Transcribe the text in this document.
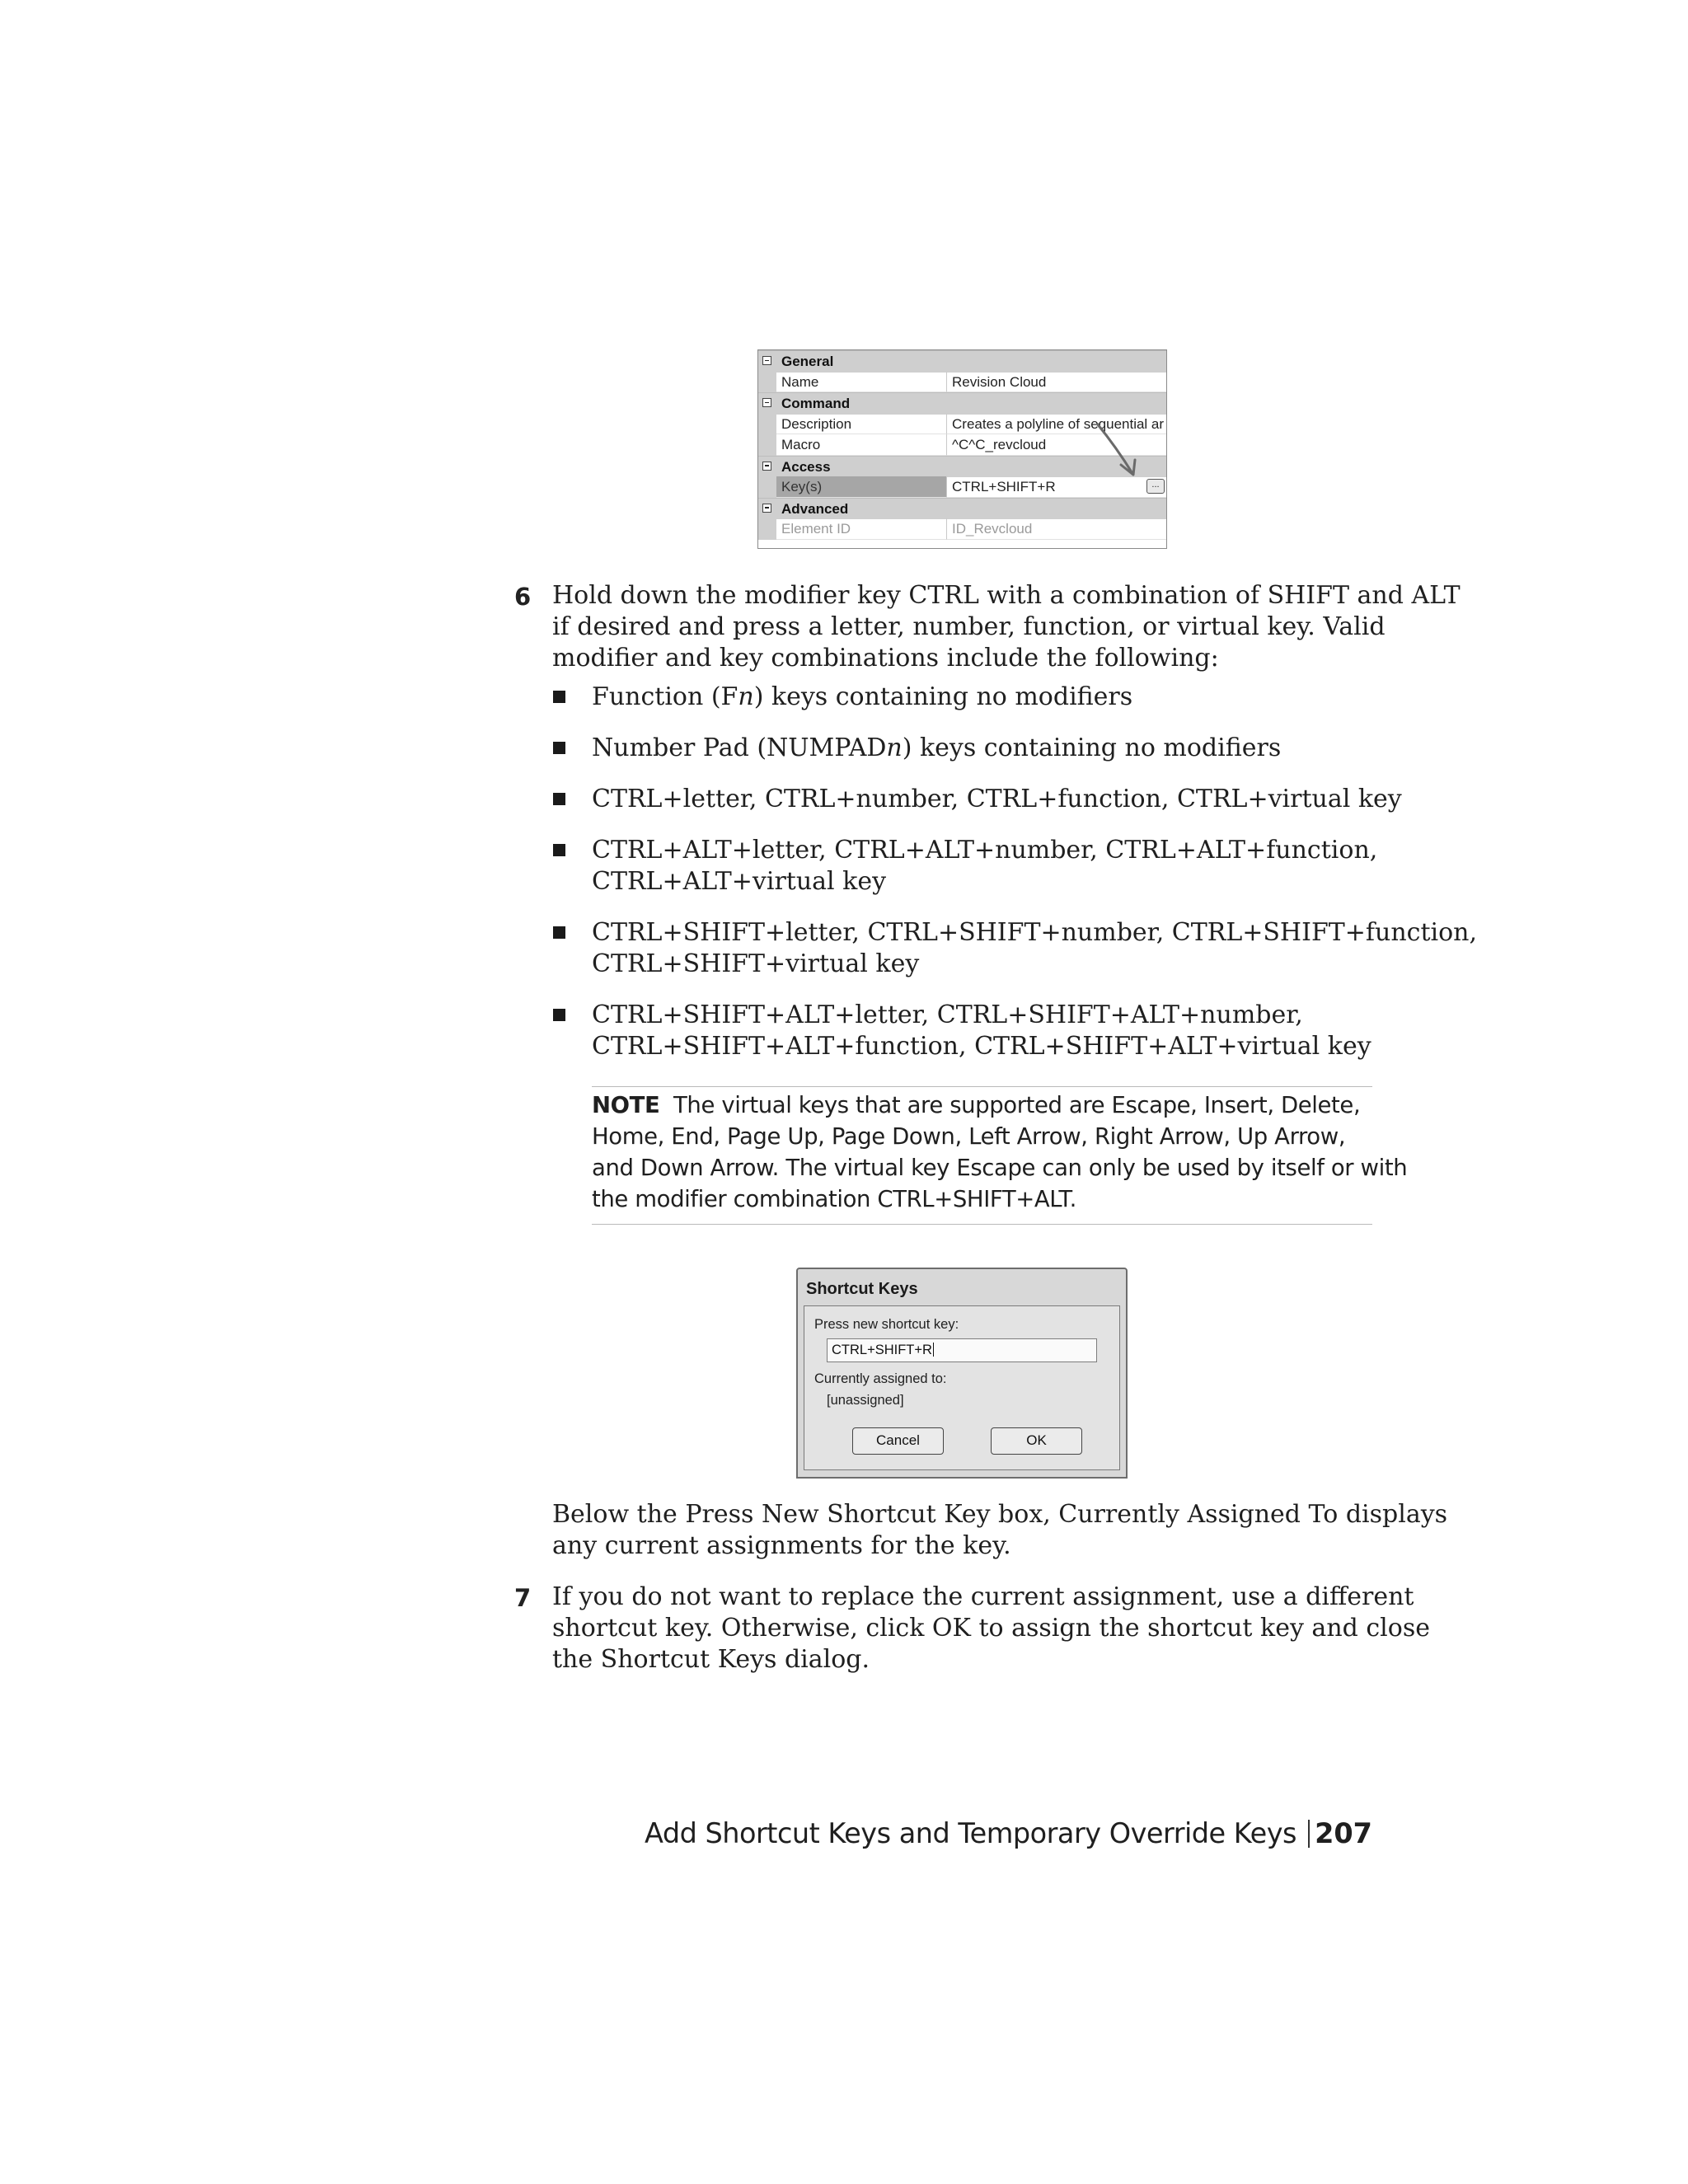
General
Name	Revision Cloud
Command
Description	Creates a polyline of sequential ar
Macro	^C^C_revcloud
Access
Key(s)	CTRL+SHIFT+R	...
Advanced
Element ID	ID_Revcloud
6 Hold down the modifier key CTRL with a combination of SHIFT and ALT
if desired and press a letter, number, function, or virtual key. Valid
modifier and key combinations include the following:
Function (Fn) keys containing no modifiers
Number Pad (NUMPADn) keys containing no modifiers
CTRL+letter, CTRL+number, CTRL+function, CTRL+virtual key
CTRL+ALT+letter, CTRL+ALT+number, CTRL+ALT+function,
CTRL+ALT+virtual key
CTRL+SHIFT+letter, CTRL+SHIFT+number, CTRL+SHIFT+function,
CTRL+SHIFT+virtual key
CTRL+SHIFT+ALT+letter, CTRL+SHIFT+ALT+number,
CTRL+SHIFT+ALT+function, CTRL+SHIFT+ALT+virtual key
NOTE The virtual keys that are supported are Escape, Insert, Delete,
Home, End, Page Up, Page Down, Left Arrow, Right Arrow, Up Arrow,
and Down Arrow. The virtual key Escape can only be used by itself or with
the modifier combination CTRL+SHIFT+ALT.
Shortcut Keys
Press new shortcut key:
CTRL+SHIFT+R
Currently assigned to:
[unassigned]
Cancel	OK
Below the Press New Shortcut Key box, Currently Assigned To displays
any current assignments for the key.
7 If you do not want to replace the current assignment, use a different
shortcut key. Otherwise, click OK to assign the shortcut key and close
the Shortcut Keys dialog.
Add Shortcut Keys and Temporary Override Keys 207
